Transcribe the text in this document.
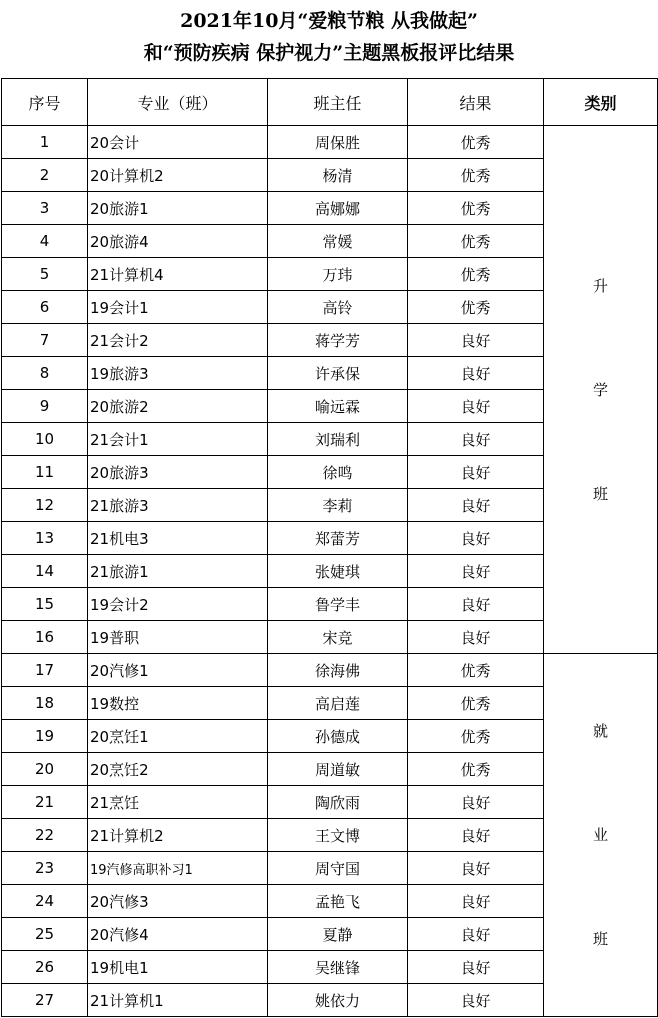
2021年10月“爱粮节粮 从我做起”
和“预防疾病 保护视力”主题黑板报评比结果
序号	专业（班）	班主任	结果	类别
1	20会计	周保胜	优秀	升
学
班

2	20计算机2	杨清	优秀	
3	20旅游1	高娜娜	优秀	
4	20旅游4	常媛	优秀	
5	21计算机4	万玮	优秀	
6	19会计1	高铃	优秀	
7	21会计2	蒋学芳	良好	
8	19旅游3	许承保	良好	
9	20旅游2	喻远霖	良好	
10	21会计1	刘瑞利	良好	
11	20旅游3	徐鸣	良好	
12	21旅游3	李莉	良好	
13	21机电3	郑蕾芳	良好	
14	21旅游1	张婕琪	良好	
15	19会计2	鲁学丰	良好	
16	19普职	宋竞	良好	
17	20汽修1	徐海佛	优秀	就
业
班

18	19数控	高启莲	优秀	
19	20烹饪1	孙德成	优秀	
20	20烹饪2	周道敏	优秀	
21	21烹饪	陶欣雨	良好	
22	21计算机2	王文博	良好	
23	19汽修高职补习1	周守国	良好	
24	20汽修3	孟艳飞	良好	
25	20汽修4	夏静	良好	
26	19机电1	吴继锋	良好	
27	21计算机1	姚依力	良好	
